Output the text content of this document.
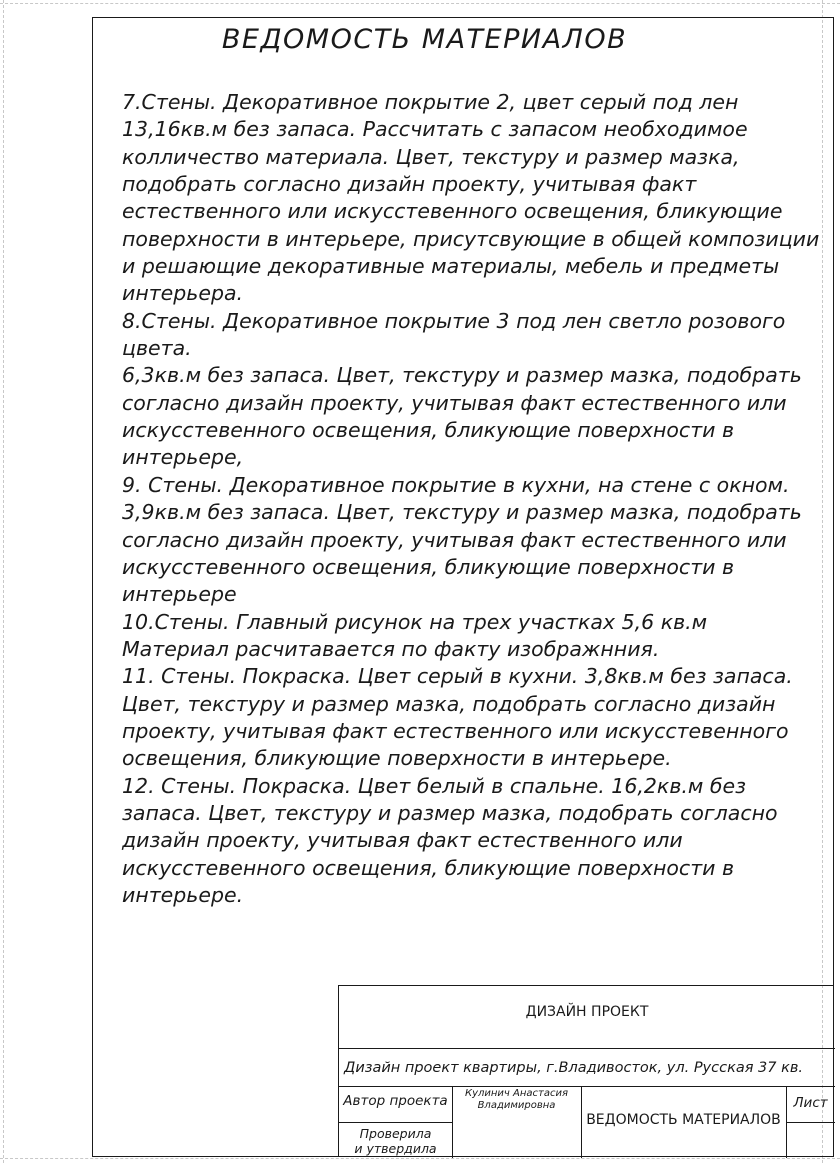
ВЕДОМОСТЬ МАТЕРИАЛОВ
7.Стены. Декоративное покрытие 2, цвет серый под лен
13,16кв.м без запаса. Рассчитать с запасом необходимое
колличество материала. Цвет, текстуру и размер мазка,
подобрать согласно дизайн проекту, учитывая факт
естественного или искусстевенного освещения, бликующие
поверхности в интерьере, присутсвующие в общей композиции
и решающие декоративные материалы, мебель и предметы
интерьера.
8.Стены. Декоративное покрытие 3 под лен светло розового
цвета.
6,3кв.м без запаса. Цвет, текстуру и размер мазка, подобрать
согласно дизайн проекту, учитывая факт естественного или
искусстевенного освещения, бликующие поверхности в
интерьере,
9. Стены. Декоративное покрытие в кухни, на стене с окном.
3,9кв.м без запаса. Цвет, текстуру и размер мазка, подобрать
согласно дизайн проекту, учитывая факт естественного или
искусстевенного освещения, бликующие поверхности в
интерьере
10.Стены. Главный рисунок на трех участках 5,6 кв.м
Материал расчитавается по факту изображнния.
11. Стены. Покраска. Цвет серый в кухни. 3,8кв.м без запаса.
Цвет, текстуру и размер мазка, подобрать согласно дизайн
проекту, учитывая факт естественного или искусстевенного
освещения, бликующие поверхности в интерьере.
12. Стены. Покраска. Цвет белый в спальне. 16,2кв.м без
запаса. Цвет, текстуру и размер мазка, подобрать согласно
дизайн проекту, учитывая факт естественного или
искусстевенного освещения, бликующие поверхности в
интерьере.
ДИЗАЙН ПРОЕКТ
Дизайн проект квартиры, г.Владивосток, ул. Русская 37 кв.
Автор проекта	Кулинич Анастасия
Владимировна
Проверила
и утвердила
ВЕДОМОСТЬ МАТЕРИАЛОВ
Лист
